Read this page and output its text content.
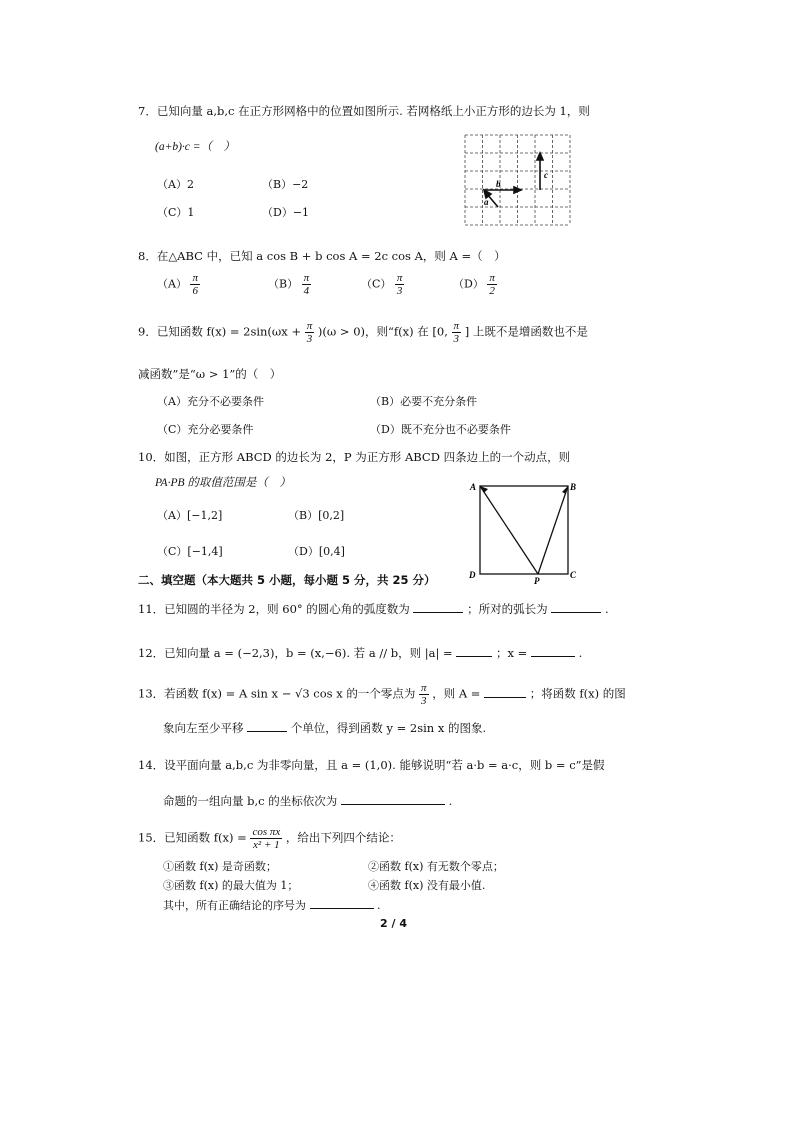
7．已知向量 a,b,c 在正方形网格中的位置如图所示. 若网格纸上小正方形的边长为 1，则
(a+b)·c =（　）
（A）2	（B）−2
（C）1	（D）−1
b
c
a
8．在△ABC 中，已知 a cos B + b cos A = 2c cos A，则 A =（　）
$(A) \frac{\pi}{6}$	$(B) \frac{\pi}{4}$	$(C) \frac{\pi}{3}$	$(D) \frac{\pi}{2}$
9．已知函数 $f(x) = 2\sin(\omega x + \frac{\pi}{3} )(\omega > 0)$，则“f(x) 在 [0, $\frac{\pi}{3}$ ] 上既不是增函数也不是
减函数”是“ω > 1”的（　）
（A）充分不必要条件	（B）必要不充分条件
（C）充分必要条件	（D）既不充分也不必要条件
10．如图，正方形 ABCD 的边长为 2，P 为正方形 ABCD 四条边上的一个动点，则
PA·PB 的取值范围是（　）
（A）[−1,2]	（B）[0,2]
（C）[−1,4]	（D）[0,4]
A	B
C
D
P
二、填空题（本大题共 5 小题，每小题 5 分，共 25 分）
11．已知圆的半径为 2，则 60° 的圆心角的弧度数为	；所对的弧长为	.
12．已知向量 a = (−2,3)，b = (x,−6). 若 a // b，则 |a| =	；x =	.
13．若函数 f(x) = A sin x − √3 cos x 的一个零点为 $\frac{\pi}{3}$ ，则 A =	；将函数 f(x) 的图
象向左至少平移	个单位，得到函数 y = 2sin x 的图象.
14．设平面向量 a,b,c 为非零向量，且 a = (1,0). 能够说明“若 a·b = a·c，则 b = c”是假
命题的一组向量 b,c 的坐标依次为	.
15．已知函数 $f(x) = \frac{\text{cos πx}}{\text{x² + 1}}$ ，给出下列四个结论：
①函数 f(x) 是奇函数；	②函数 f(x) 有无数个零点；
③函数 f(x) 的最大值为 1；	④函数 f(x) 没有最小值.
其中，所有正确结论的序号为	.
2 / 4
